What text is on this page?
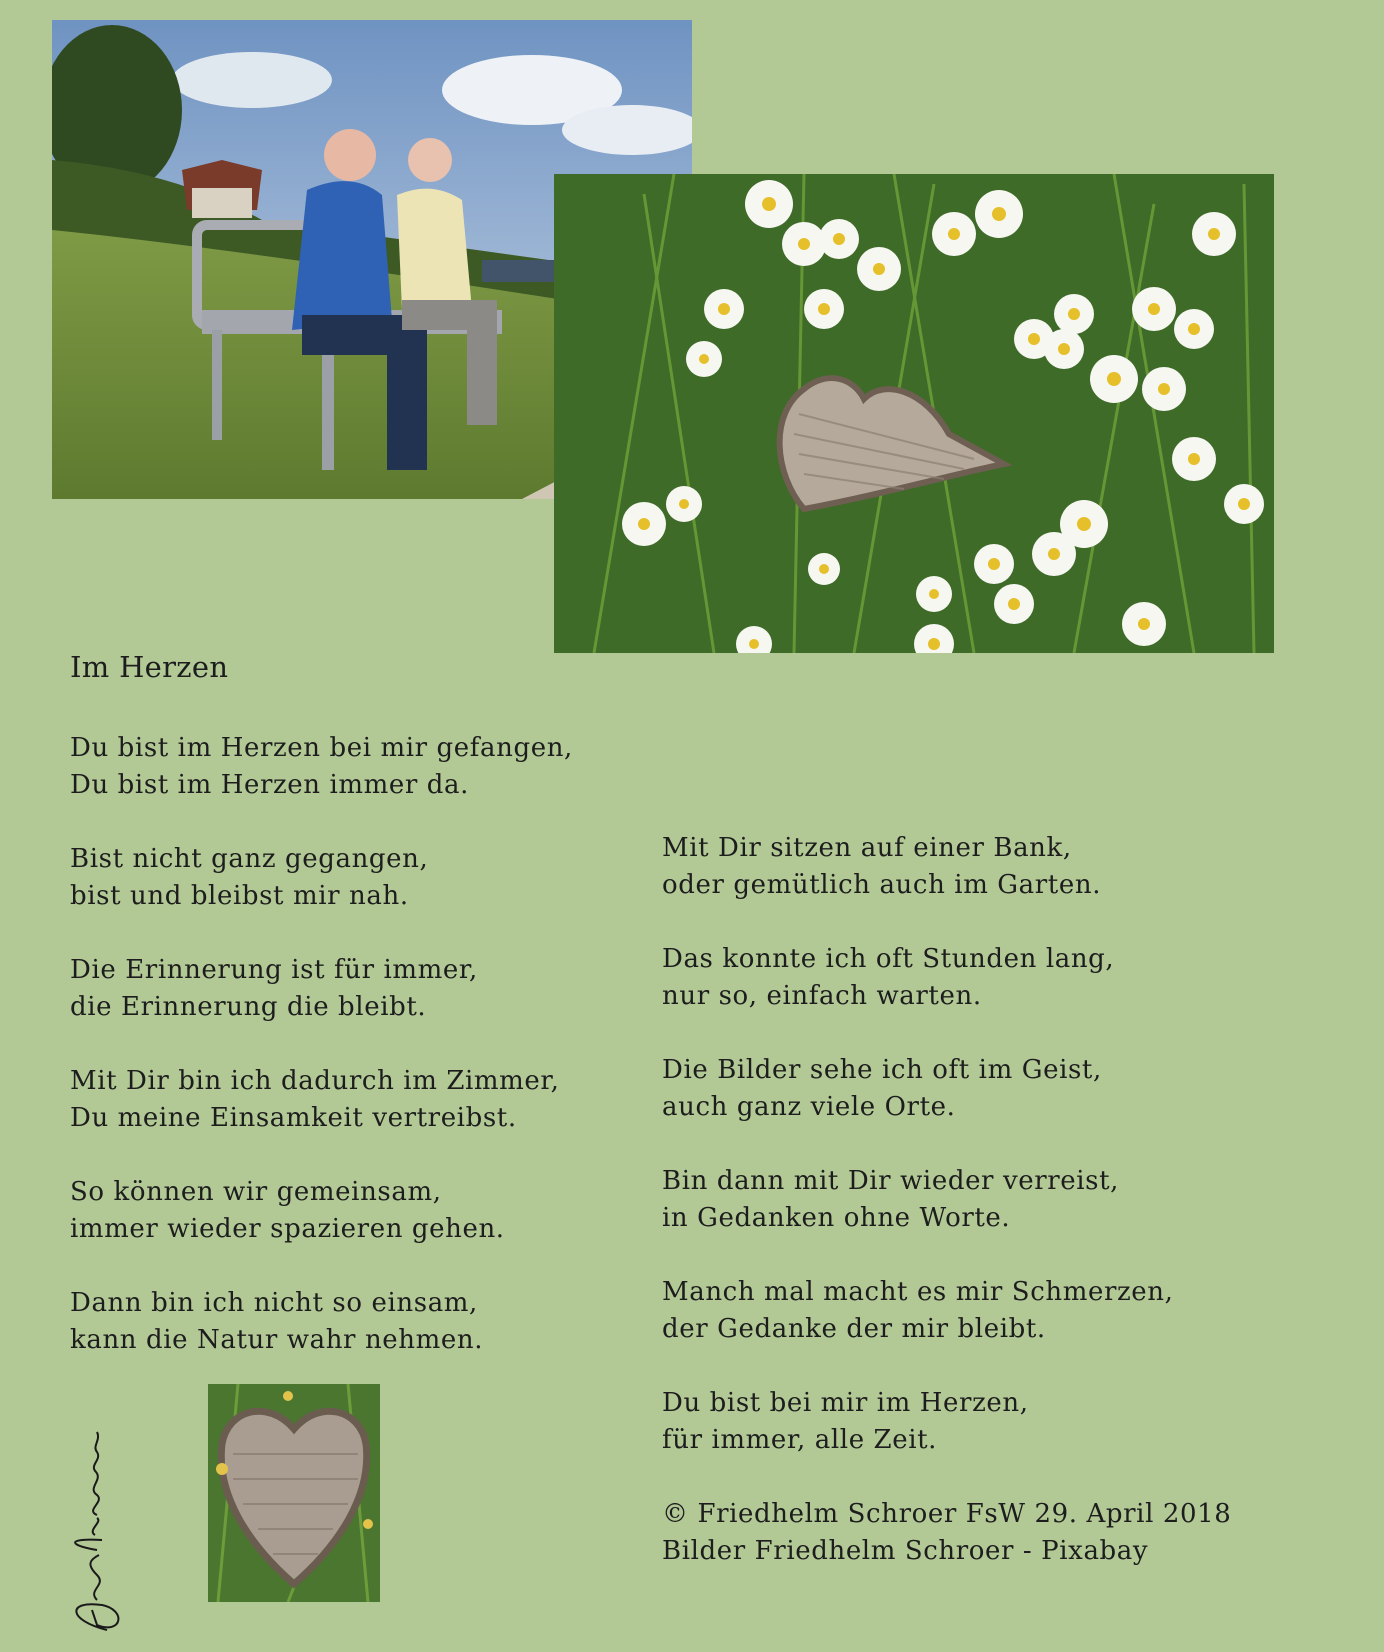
Im Herzen

Du bist im Herzen bei mir gefangen,
Du bist im Herzen immer da.

Bist nicht ganz gegangen,
bist und bleibst mir nah.

Die Erinnerung ist für immer,
die Erinnerung die bleibt.

Mit Dir bin ich dadurch im Zimmer,
Du meine Einsamkeit vertreibst.

So können wir gemeinsam,
immer wieder spazieren gehen.

Dann bin ich nicht so einsam,
kann die Natur wahr nehmen.

Mit Dir sitzen auf einer Bank,
oder gemütlich auch im Garten.

Das konnte ich oft Stunden lang,
nur so, einfach warten.

Die Bilder sehe ich oft im Geist,
auch ganz viele Orte.

Bin dann mit Dir wieder verreist,
in Gedanken ohne Worte.

Manch mal macht es mir Schmerzen,
der Gedanke der mir bleibt.

Du bist bei mir im Herzen,
für immer, alle Zeit.

© Friedhelm Schroer FsW 29. April 2018
Bilder Friedhelm Schroer - Pixabay
